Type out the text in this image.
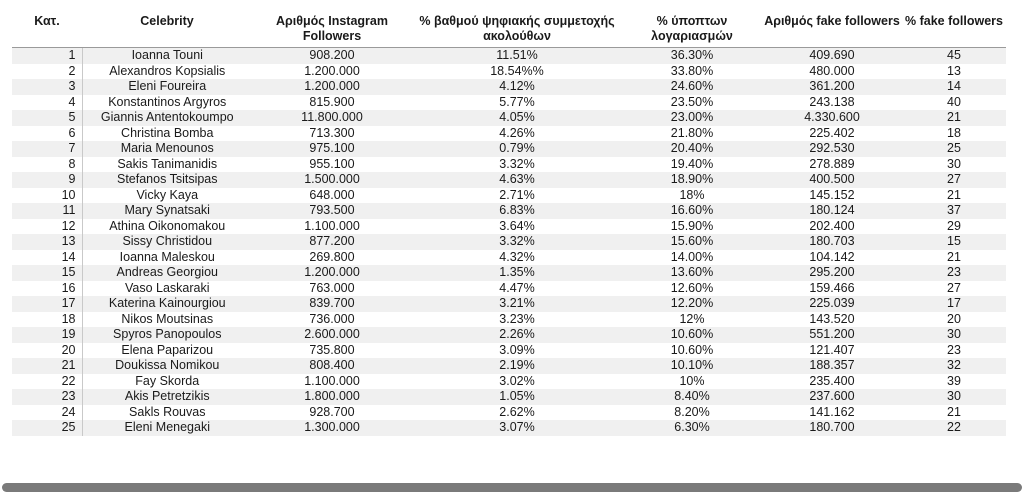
Κατ.	Celebrity	Αριθμός Instagram Followers	% βαθμού ψηφιακής συμμετοχής ακολούθων	% ύποπτων λογαριασμών	Αριθμός fake followers	% fake followers
1	Ioanna Touni	908.200	11.51%	36.30%	409.690	45
2	Alexandros Kopsialis	1.200.000	18.54%%	33.80%	480.000	13
3	Eleni Foureira	1.200.000	4.12%	24.60%	361.200	14
4	Konstantinos Argyros	815.900	5.77%	23.50%	243.138	40
5	Giannis Antentokoumpo	11.800.000	4.05%	23.00%	4.330.600	21
6	Christina Bomba	713.300	4.26%	21.80%	225.402	18
7	Maria Menounos	975.100	0.79%	20.40%	292.530	25
8	Sakis Tanimanidis	955.100	3.32%	19.40%	278.889	30
9	Stefanos Tsitsipas	1.500.000	4.63%	18.90%	400.500	27
10	Vicky Kaya	648.000	2.71%	18%	145.152	21
11	Mary Synatsaki	793.500	6.83%	16.60%	180.124	37
12	Athina Oikonomakou	1.100.000	3.64%	15.90%	202.400	29
13	Sissy Christidou	877.200	3.32%	15.60%	180.703	15
14	Ioanna Maleskou	269.800	4.32%	14.00%	104.142	21
15	Andreas Georgiou	1.200.000	1.35%	13.60%	295.200	23
16	Vaso Laskaraki	763.000	4.47%	12.60%	159.466	27
17	Katerina Kainourgiou	839.700	3.21%	12.20%	225.039	17
18	Nikos Moutsinas	736.000	3.23%	12%	143.520	20
19	Spyros Panopoulos	2.600.000	2.26%	10.60%	551.200	30
20	Elena Paparizou	735.800	3.09%	10.60%	121.407	23
21	Doukissa Nomikou	808.400	2.19%	10.10%	188.357	32
22	Fay Skorda	1.100.000	3.02%	10%	235.400	39
23	Akis Petretzikis	1.800.000	1.05%	8.40%	237.600	30
24	Sakls Rouvas	928.700	2.62%	8.20%	141.162	21
25	Eleni Menegaki	1.300.000	3.07%	6.30%	180.700	22
